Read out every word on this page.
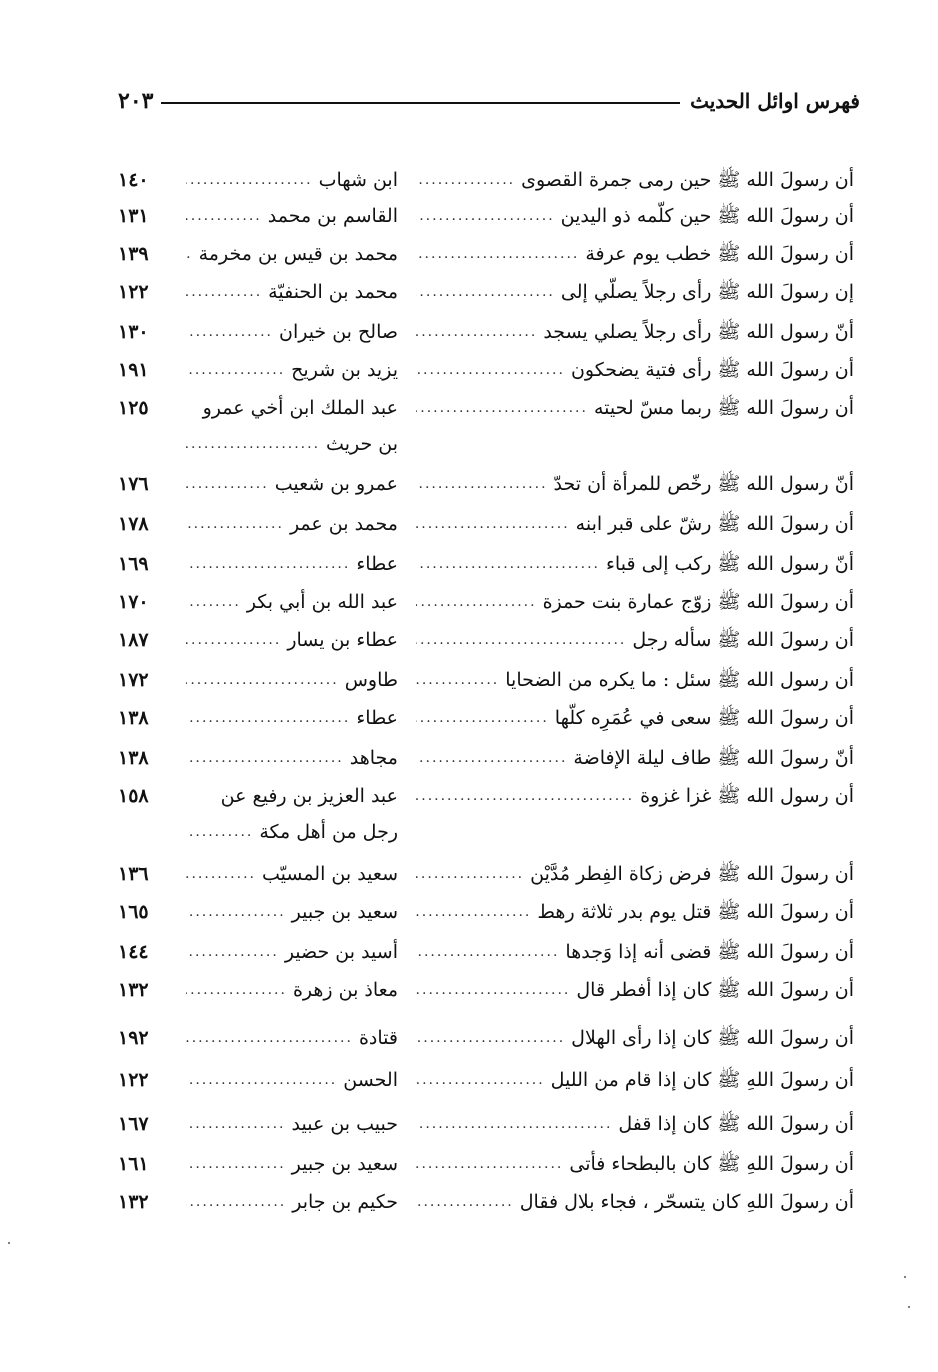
فهرس اوائل الحديث
٢٠٣
أن رسولَ الله ﷺ حين رمى جمرة القصوى
.....
ابن شهاب
.....
١٤٠
أن رسولَ الله ﷺ حين كلّمه ذو اليدين
.....
القاسم بن محمد
.....
١٣١
أن رسولَ الله ﷺ خطب يوم عرفة
.....
محمد بن قيس بن مخرمة
.....
١٣٩
إن رسولَ الله ﷺ رأى رجلاً يصلّي إلى
.....
محمد بن الحنفيّة
.....
١٢٢
أنّ رسول الله ﷺ رأى رجلاً يصلي يسجد
.....
صالح بن خيران
.....
١٣٠
أن رسولَ الله ﷺ رأى فتية يضحكون
.....
يزيد بن شريح
.....
١٩١
أن رسولَ الله ﷺ ربما مسّ لحيته
.....
عبد الملك ابن أخي عمرو
بن حريث
.....
١٢٥
أنّ رسول الله ﷺ رخّص للمرأة أن تحدّ
.....
عمرو بن شعيب
.....
١٧٦
أن رسولَ الله ﷺ رشّ على قبر ابنه
.....
محمد بن عمر
.....
١٧٨
أنّ رسول الله ﷺ ركب إلى قباء
.....
عطاء
.....
١٦٩
أن رسولَ الله ﷺ زوّج عمارة بنت حمزة
.....
عبد الله بن أبي بكر
.....
١٧٠
أن رسولَ الله ﷺ سأله رجل
.....
عطاء بن يسار
.....
١٨٧
أن رسول الله ﷺ سئل : ما يكره من الضحايا
.....
طاوس
.....
١٧٢
أن رسولَ الله ﷺ سعى في عُمَرِه كلّها
.....
عطاء
.....
١٣٨
أنّ رسولَ الله ﷺ طاف ليلة الإفاضة
.....
مجاهد
.....
١٣٨
أن رسول الله ﷺ غزا غزوة
.....
عبد العزيز بن رفيع عن
رجل من أهل مكة
.....
١٥٨
أن رسولَ الله ﷺ فرض زكاة الفِطر مُدَّيْن
.....
سعيد بن المسيّب
.....
١٣٦
أن رسولَ الله ﷺ قتل يوم بدر ثلاثة رهط
.....
سعيد بن جبير
.....
١٦٥
أن رسولَ الله ﷺ قضى أنه إذا وَجدها
.....
أسيد بن حضير
.....
١٤٤
أن رسولَ الله ﷺ كان إذا أفطر قال
.....
معاذ بن زهرة
.....
١٣٢
أن رسولَ الله ﷺ كان إذا رأى الهلال
.....
قتادة
.....
١٩٢
أن رسولَ اللهِ ﷺ كان إذا قام من الليل
.....
الحسن
.....
١٢٢
أن رسولَ الله ﷺ كان إذا قفل
.....
حبيب بن عبيد
.....
١٦٧
أن رسولَ اللهِ ﷺ كان بالبطحاء فأتى
.....
سعيد بن جبير
.....
١٦١
أن رسولَ اللهِ كان يتسحّر ، فجاء بلال فقال
.....
حكيم بن جابر
.....
١٣٢
